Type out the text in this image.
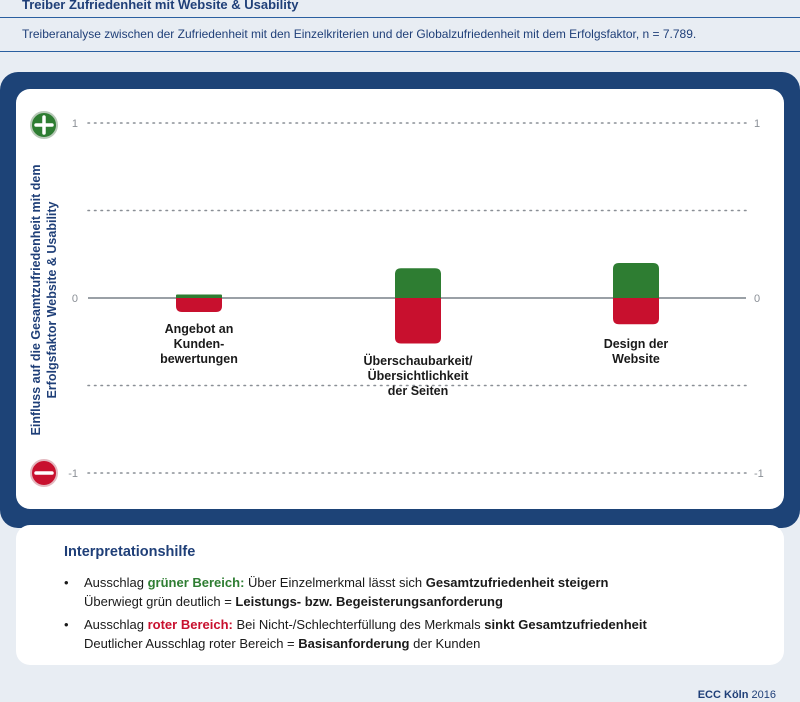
Treiber Zufriedenheit mit Website & Usability
Treiberanalyse zwischen der Zufriedenheit mit den Einzelkriterien und der Globalzufriedenheit mit dem Erfolgsfaktor, n = 7.789.
1	1
0	0
-1	-1
Einfluss auf die Gesamtzufriedenheit mit dem Erfolgsfaktor Website & Usability	Angebot an
Kunden-
bewertungen	Überschaubarkeit/
Übersichtlichkeit
der Seiten
Design der
Website
Interpretationshilfe
• Ausschlag grüner Bereich: Über Einzelmerkmal lässt sich Gesamtzufriedenheit steigern
Überwiegt grün deutlich = Leistungs- bzw. Begeisterungsanforderung
• Ausschlag roter Bereich: Bei Nicht-/Schlechterfüllung des Merkmals sinkt Gesamtzufriedenheit
Deutlicher Ausschlag roter Bereich = Basisanforderung der Kunden
ECC Köln 2016
